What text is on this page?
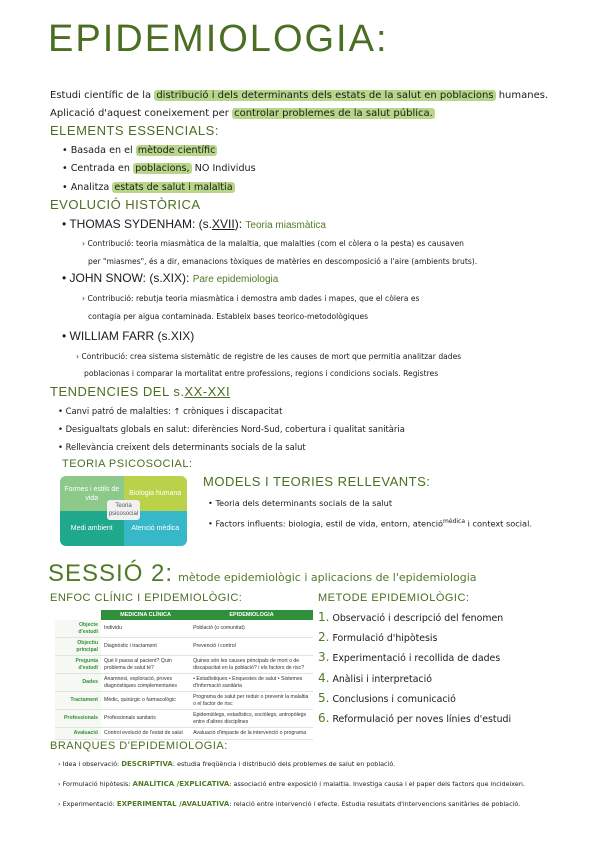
EPIDEMIOLOGIA:
Estudi científic de la distribució i dels determinants dels estats de la salut en poblacions humanes.
Aplicació d'aquest coneixement per controlar problemes de la salut pública.
ELEMENTS ESSENCIALS:
• Basada en el mètode científic
• Centrada en poblacions, NO Individus
• Analitza estats de salut i malaltia
EVOLUCIÓ HISTÒRICA
• THOMAS SYDENHAM: (s.XVII): Teoria miasmàtica
› Contribució: teoria miasmàtica de la malaltia, que malalties (com el còlera o la pesta) es causaven
per "miasmes", és a dir, emanacions tòxiques de matèries en descomposició a l'aire (ambients bruts).
• JOHN SNOW: (s.XIX): Pare epidemiologia
› Contribució: rebutja teoria miasmàtica i demostra amb dades i mapes, que el còlera es
contagia per aigua contaminada. Estableix bases teorico-metodològiques
• WILLIAM FARR (s.XIX)
› Contribució: crea sistema sistemàtic de registre de les causes de mort que permitia analitzar dades
poblacionas i comparar la mortalitat entre professions, regions i condicions socials. Registres
TENDENCIES DEL s.XX-XXI
• Canvi patró de malalties: ↑ cròniques i discapacitat
• Desigualtats globals en salut: diferències Nord-Sud, cobertura i qualitat sanitària
• Rellevància creixent dels determinants socials de la salut
TEORIA PSICOSOCIAL:
Formes i estils de vida
Biologia humana
Medi ambient	Atenció mèdica
Teoria psicosocial
MODELS I TEORIES RELLEVANTS:
• Teoria dels determinants socials de la salut
• Factors influents: biologia, estil de vida, entorn, atenció$^{mèdica}$ i context social.
SESSIÓ 2: mètode epidemiològic i aplicacions de l'epidemiologia
ENFOC CLÍNIC I EPIDEMIOLÒGIC:
	MEDICINA CLÍNICA	EPIDEMIOLOGIA
Objecte d'estudi	Individu	Població (o comunitat)
Objectiu principal	Diagnòstic i tractament	Prevenció i control
Pregunta d'estudi	Què li passa al pacient? Quin problema de salut té?	Quines són les causes principals de mort o de discapacitat en la població? i els factors de risc?
Dades	Anamnesi, exploració, proves diagnòstiques complementaries	• Estadístiques • Enquestes de salut • Sistemes d'informació sanitària
Tractament	Mèdic, quirúrgic o farmacològic	Programa de salut per reduir o prevenir la malaltia o el factor de risc
Professionals	Professionals sanitaris	Epidemiòlegs, estadístics, sociòlegs, antropòlegs entre d'altres disciplines
Avaluació	Control evolució de l'estat de salut	Avaluació d'impacte de la intervenció o programa
METODE EPIDEMIOLÒGIC:
1. Observació i descripció del fenomen
2. Formulació d'hipòtesis
3. Experimentació i recollida de dades
4. Anàlisi i interpretació
5. Conclusions i comunicació
6. Reformulació per noves línies d'estudi
BRANQUES D'EPIDEMIOLOGIA:
› Idea i observació: DESCRIPTIVA: estudia freqüència i distribució dels problemes de salut en població.
› Formulació hipòtesis: ANALÍTICA /EXPLICATIVA: associació entre exposició i malaltia. Investiga causa i el paper dels factors que incideixen.
› Experimentació: EXPERIMENTAL /AVALUATIVA: relació entre intervenció i efecte. Estudia resultats d'intervencions sanitàries de població.
